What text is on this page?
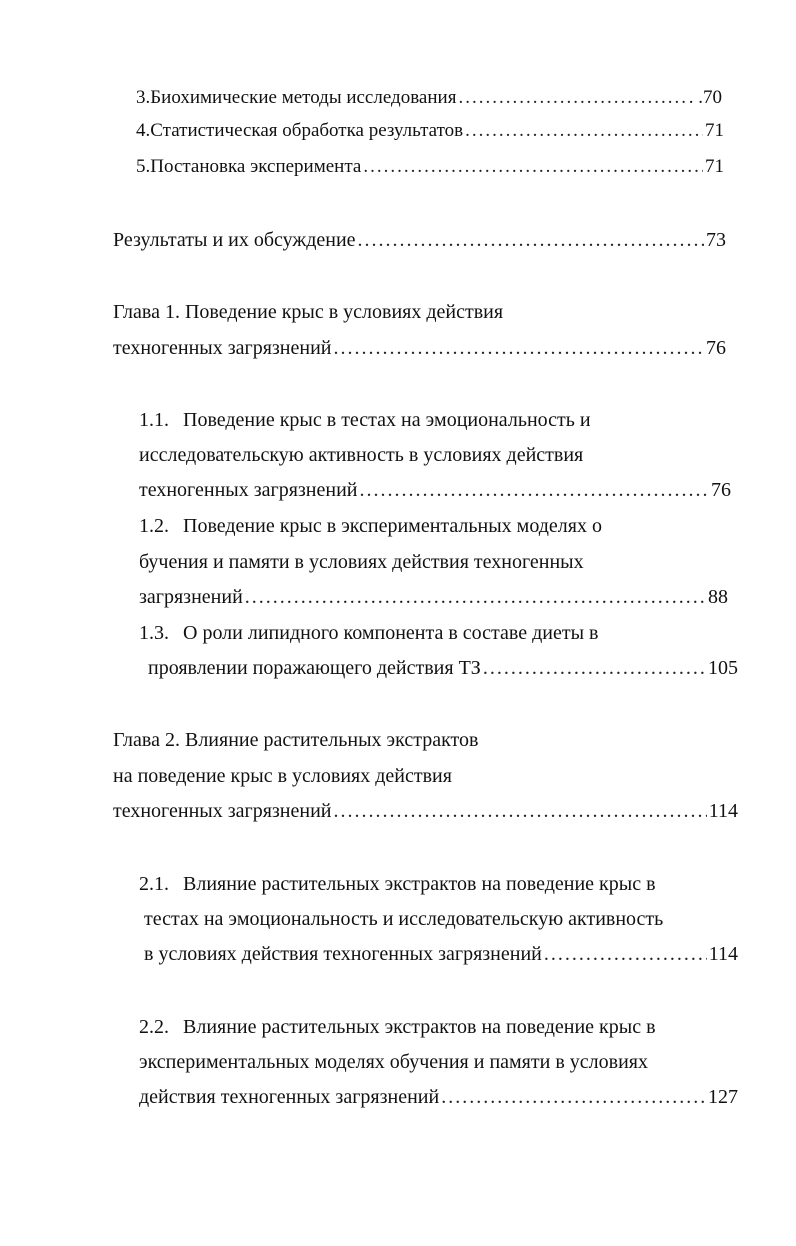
3.Биохимические методы исследования .....	. .70
4.Статистическая обработка результатов .....	71
5.Постановка эксперимента .....	71
Результаты и их обсуждение .....	73
Глава 1. Поведение крыс в условиях действия
техногенных загрязнений .....	76
1.1. Поведение крыс в тестах на эмоциональность и
исследовательскую активность в условиях действия
техногенных загрязнений .....	76
1.2. Поведение крыс в экспериментальных моделях о
бучения и памяти в условиях действия техногенных
загрязнений .....	88
1.3. О роли липидного компонента в составе диеты в
проявлении поражающего действия ТЗ .....	105
Глава 2. Влияние растительных экстрактов
на поведение крыс в условиях действия
техногенных загрязнений .....	114
2.1. Влияние растительных экстрактов на поведение крыс в
тестах на эмоциональность и исследовательскую активность
в условиях действия техногенных загрязнений .....	114
2.2. Влияние растительных экстрактов на поведение крыс в
экспериментальных моделях обучения и памяти в условиях
действия техногенных загрязнений .....	127
